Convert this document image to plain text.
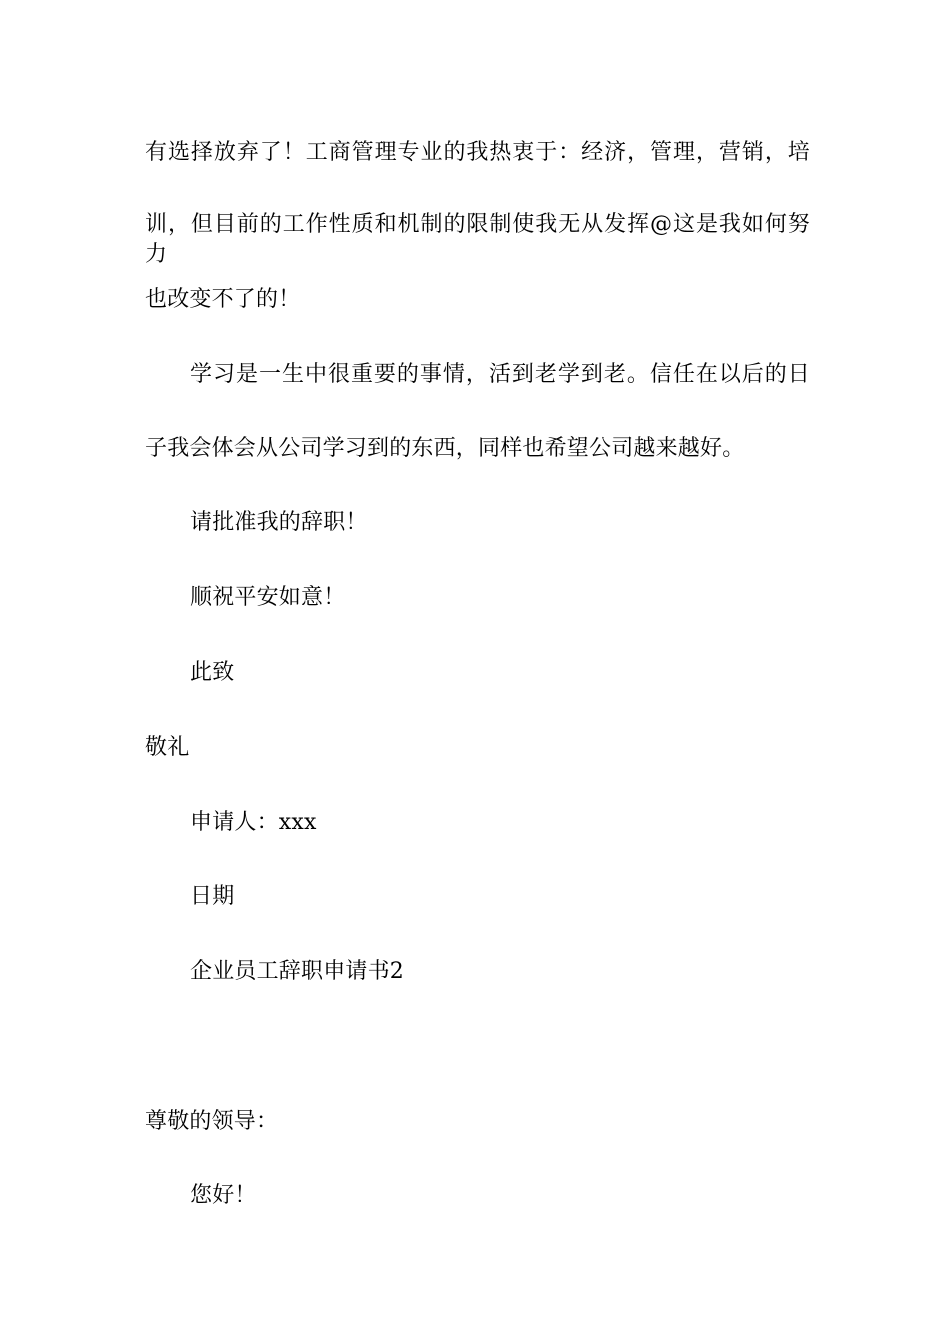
有选择放弃了！工商管理专业的我热衷于：经济，管理，营销，培
训，但目前的工作性质和机制的限制使我无从发挥@这是我如何努力
也改变不了的！
学习是一生中很重要的事情，活到老学到老。信任在以后的日
子我会体会从公司学习到的东西，同样也希望公司越来越好。
请批准我的辞职！
顺祝平安如意！
此致
敬礼
申请人：xxx
日期
企业员工辞职申请书2
尊敬的领导：
您好！
